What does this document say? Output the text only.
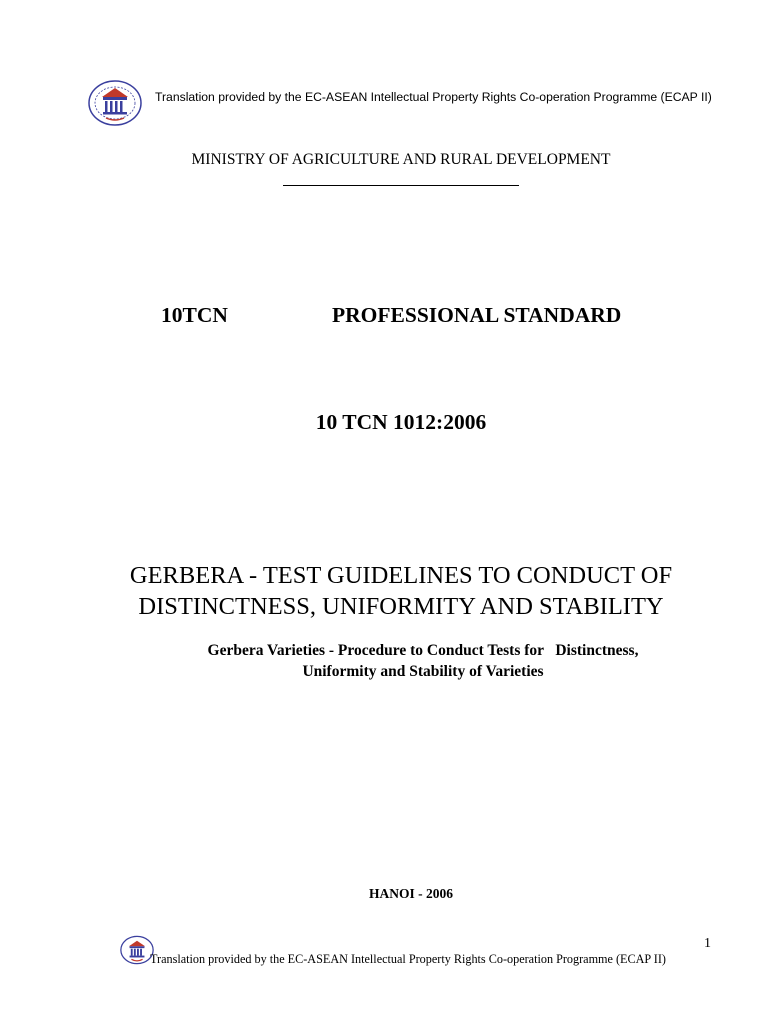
Translation provided by the EC-ASEAN Intellectual Property Rights Co-operation Programme (ECAP II)
MINISTRY OF AGRICULTURE AND RURAL DEVELOPMENT
10TCN	PROFESSIONAL STANDARD
10 TCN 1012:2006
GERBERA - TEST GUIDELINES TO CONDUCT OF
DISTINCTNESS, UNIFORMITY AND STABILITY
Gerbera Varieties - Procedure to Conduct Tests for   Distinctness,
Uniformity and Stability of Varieties
HANOI - 2006
1
Translation provided by the EC-ASEAN Intellectual Property Rights Co-operation Programme (ECAP II)
